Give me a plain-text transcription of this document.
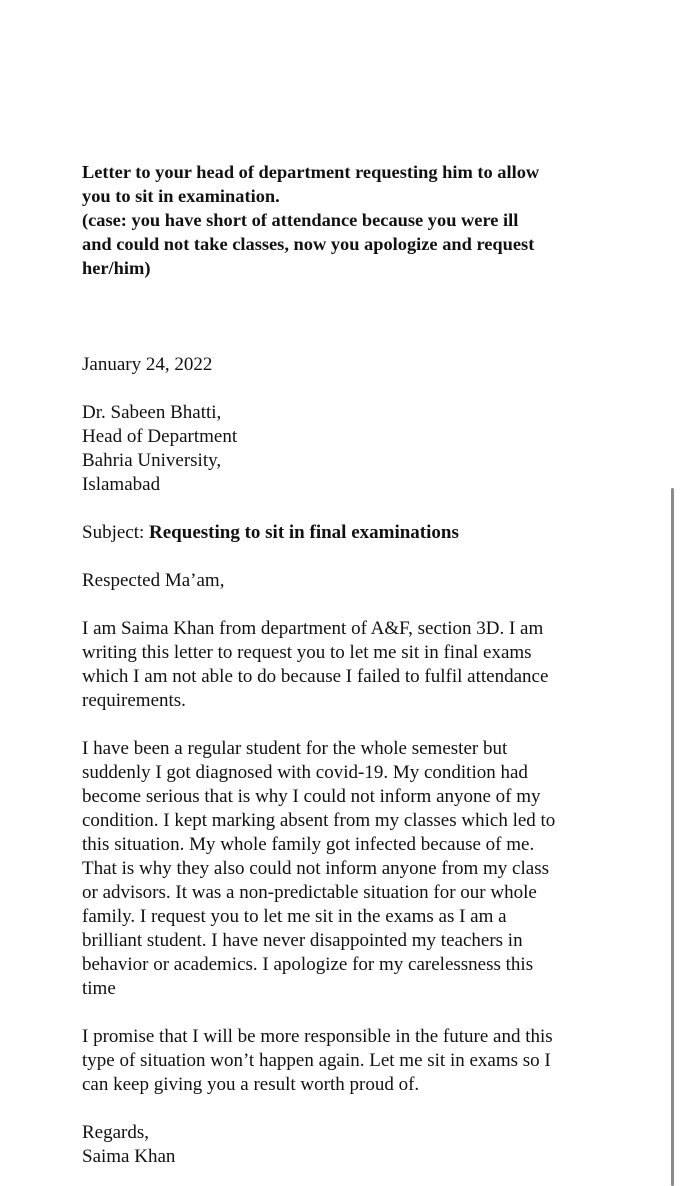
Letter to your head of department requesting him to allow
you to sit in examination.
(case: you have short of attendance because you were ill
and could not take classes, now you apologize and request
her/him)
January 24, 2022
Dr. Sabeen Bhatti,
Head of Department
Bahria University,
Islamabad
Subject: Requesting to sit in final examinations
Respected Ma’am,
I am Saima Khan from department of A&F, section 3D. I am
writing this letter to request you to let me sit in final exams
which I am not able to do because I failed to fulfil attendance
requirements.
I have been a regular student for the whole semester but
suddenly I got diagnosed with covid-19. My condition had
become serious that is why I could not inform anyone of my
condition. I kept marking absent from my classes which led to
this situation. My whole family got infected because of me.
That is why they also could not inform anyone from my class
or advisors. It was a non-predictable situation for our whole
family. I request you to let me sit in the exams as I am a
brilliant student. I have never disappointed my teachers in
behavior or academics. I apologize for my carelessness this
time
I promise that I will be more responsible in the future and this
type of situation won’t happen again. Let me sit in exams so I
can keep giving you a result worth proud of.
Regards,
Saima Khan
